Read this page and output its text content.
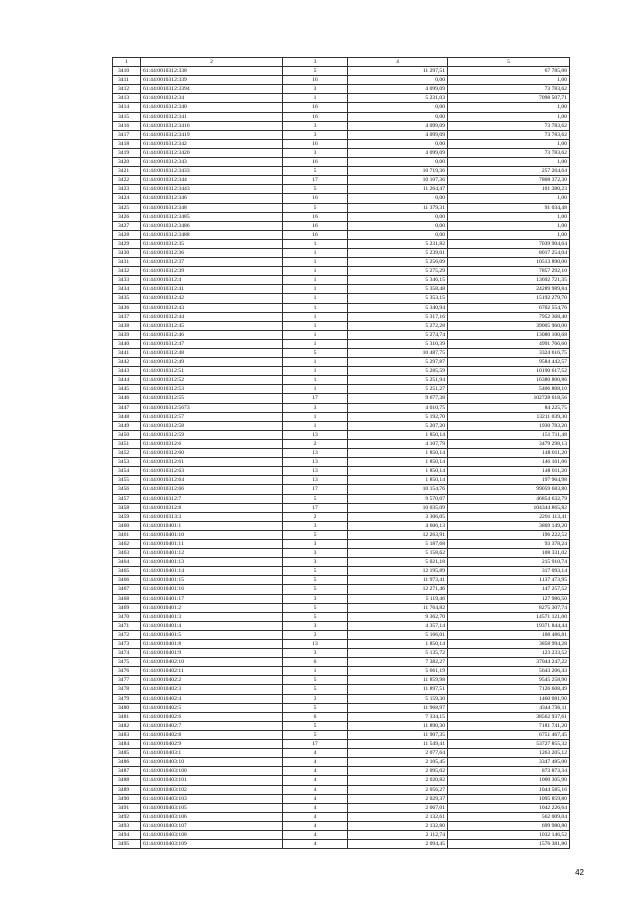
1	2	3	4	5
3410	61:44:0010312:338	5	11 297,51	67 785,06
3411	61:44:0010312:339	16	0,00	1,00
3412	61:44:0010312:3394	3	4 099,09	73 783,62
3413	61:44:0010312:34	1	5 231,03	7098 507,71
3414	61:44:0010312:340	16	0,00	1,00
3415	61:44:0010312:341	16	0,00	1,00
3416	61:44:0010312:3416	3	4 099,09	73 783,62
3417	61:44:0010312:3419	3	4 099,09	73 783,62
3418	61:44:0010312:342	16	0,00	1,00
3419	61:44:0010312:3420	3	4 099,09	73 783,62
3420	61:44:0010312:343	16	0,00	1,00
3421	61:44:0010312:3433	5	10 719,36	257 264,64
3422	61:44:0010312:344	17	10 107,36	7808 372,30
3423	61:44:0010312:3443	5	11 264,47	101 380,23
3424	61:44:0010312:346	16	0,00	1,00
3425	61:44:0010312:348	5	11 379,31	91 034,48
3426	61:44:0010312:3485	16	0,00	1,00
3427	61:44:0010312:3486	16	0,00	1,00
3428	61:44:0010312:3488	16	0,00	1,00
3429	61:44:0010312:35	1	5 231,82	7039 904,64
3430	61:44:0010312:36	1	5 239,01	8017 254,04
3431	61:44:0010312:37	1	5 256,09	10513 890,00
3432	61:44:0010312:39	1	5 275,29	7857 292,10
3433	61:44:0010312:4	1	5 346,15	13692 721,35
3434	61:44:0010312:41	1	5 358,48	24289 989,84
3435	61:44:0010312:42	1	5 353,15	15192 279,70
3436	61:44:0010312:43	1	5 340,94	6702 554,76
3437	61:44:0010312:44	1	5 317,16	7952 368,40
3438	61:44:0010312:45	1	5 272,28	39005 960,00
3439	61:44:0010312:46	1	5 274,74	13080 100,68
3440	61:44:0010312:47	1	5 310,39	4991 766,60
3441	61:44:0010312:48	5	10 487,75	3324 616,75
3442	61:44:0010312:49	1	5 297,87	9584 442,57
3443	61:44:0010312:51	1	5 285,59	10190 617,52
3444	61:44:0010312:52	1	5 251,94	16380 800,86
3445	61:44:0010312:53	1	5 251,27	5406 808,10
3446	61:44:0010312:55	17	9 677,38	102728 618,56
3447	61:44:0010312:5673	3	4 010,75	84 225,75
3448	61:44:0010312:57	1	5 192,70	13211 039,30
3449	61:44:0010312:58	1	5 207,20	1930 783,20
3450	61:44:0010312:59	13	1 850,14	151 711,48
3451	61:44:0010312:6	2	4 107,79	3479 298,13
3452	61:44:0010312:60	13	1 850,14	148 011,20
3453	61:44:0010312:61	13	1 850,14	146 161,06
3454	61:44:0010312:63	13	1 850,14	148 011,20
3455	61:44:0010312:64	13	1 850,14	197 964,98
3456	61:44:0010312:66	17	10 154,76	99059 683,80
3457	61:44:0010312:7	5	9 570,07	46854 632,79
3458	61:44:0010312:8	17	10 035,09	104344 865,82
3459	61:44:0010313:3	2	3 306,05	2291 113,41
3460	61:44:0010401:1	3	4 606,13	3869 149,20
3461	61:44:0010401:10	5	12 263,91	196 222,52
3462	61:44:0010401:11	3	5 187,68	93 378,24
3463	61:44:0010401:12	3	5 158,62	108 331,02
3464	61:44:0010401:13	3	5 021,18	215 910,74
3465	61:44:0010401:14	5	12 195,89	317 093,14
3466	61:44:0010401:15	5	11 973,41	1137 473,95
3467	61:44:0010401:16	5	12 271,46	147 257,52
3468	61:44:0010401:17	3	5 119,46	127 986,50
3469	61:44:0010401:2	5	11 764,82	8275 307,74
3470	61:44:0010401:3	5	9 362,70	14571 121,00
3471	61:44:0010401:4	3	4 357,14	19371 844,44
3472	61:44:0010401:5	3	5 166,01	108 486,81
3473	61:44:0010401:8	13	1 850,14	3858 994,28
3474	61:44:0010401:9	3	5 135,72	123 233,52
3475	61:44:0010402:10	6	7 382,27	37044 247,22
3476	61:44:0010402:11	1	5 661,19	5643 206,43
3477	61:44:0010402:2	5	11 859,98	9545 258,90
3478	61:44:0010402:3	5	11 897,51	7126 608,49
3479	61:44:0010402:4	3	5 159,30	1460 081,90
3480	61:44:0010402:5	5	11 968,97	4344 736,11
3481	61:44:0010402:6	6	7 334,15	38562 937,61
3482	61:44:0010402:7	5	11 890,30	7181 741,20
3483	61:44:0010402:8	5	11 907,35	6751 467,45
3484	61:44:0010402:9	17	11 549,41	53727 855,32
3485	61:44:0010403:1	4	2 077,64	1263 205,12
3486	61:44:0010403:10	4	2 105,45	3347 485,00
3487	61:44:0010403:100	4	2 095,02	873 873,34
3488	61:44:0010403:101	4	2 020,82	1000 305,90
3489	61:44:0010403:102	4	2 056,27	1044 585,16
3490	61:44:0010403:103	4	2 029,37	1095 859,80
3491	61:44:0010403:105	4	2 067,01	1042 226,64
3492	61:44:0010403:106	4	2 132,61	562 009,04
3493	61:44:0010403:107	4	2 132,80	699 980,80
3494	61:44:0010403:108	4	2 112,74	1032 146,52
3495	61:44:0010403:109	4	2 094,45	1576 381,80
42
